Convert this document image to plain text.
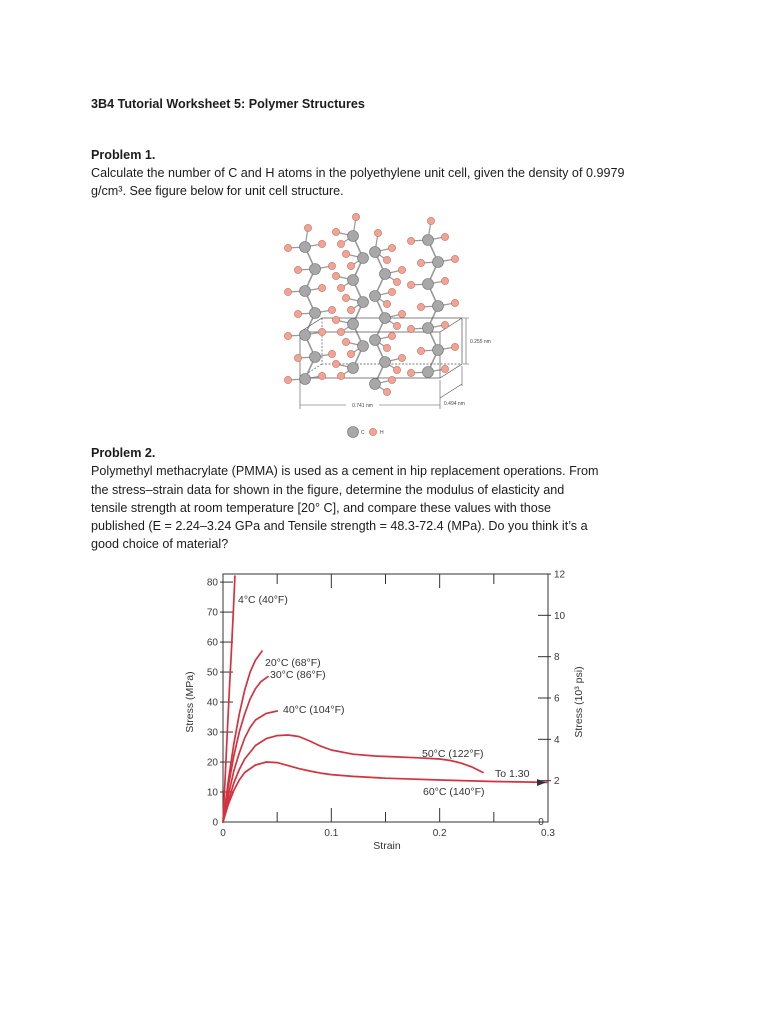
3B4 Tutorial Worksheet 5: Polymer Structures
Problem 1.
Calculate the number of C and H atoms in the polyethylene unit cell, given the density of 0.9979
g/cm³. See figure below for unit cell structure.
0.255 nm
0.741 nm	0.494 nm
C	H
Problem 2.
Polymethyl methacrylate (PMMA) is used as a cement in hip replacement operations. From
the stress–strain data for shown in the figure, determine the modulus of elasticity and
tensile strength at room temperature [20° C], and compare these values with those
published (E = 2.24–3.24 GPa and Tensile strength = 48.3-72.4 (MPa). Do you think it’s a
good choice of material?
0
10
20
30
40
50
60
70
80
0
2
4
6
8
10
12
0	0.1	0.2	0.3
4°C (40°F)
20°C (68°F)
30°C (86°F)
40°C (104°F)
50°C (122°F)
60°C (140°F)
Strain
Stress (MPa)	Stress (10³ psi)
To 1.30
